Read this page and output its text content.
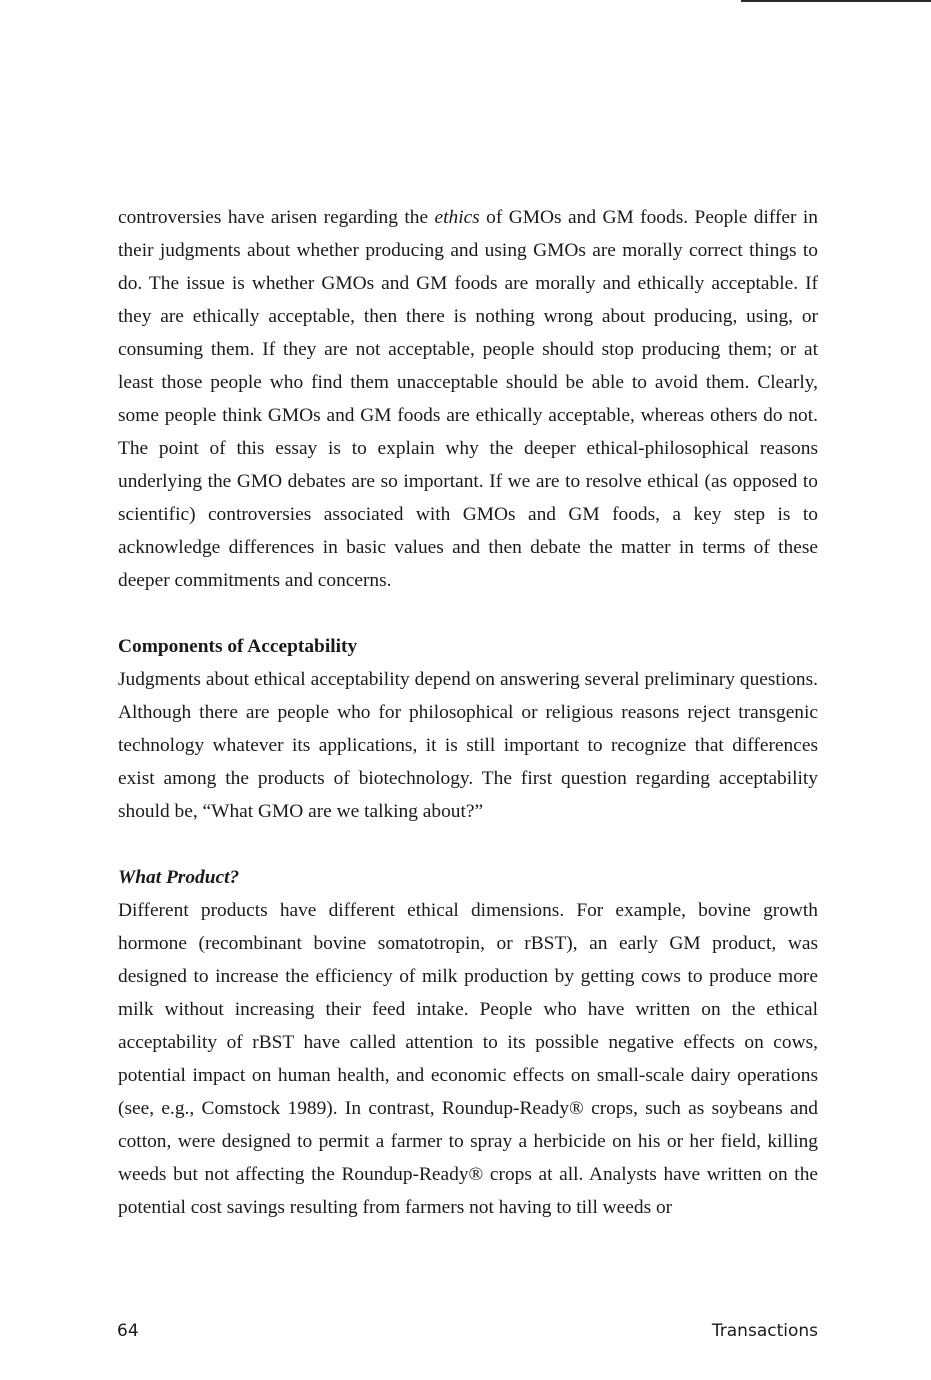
controversies have arisen regarding the ethics of GMOs and GM foods. People differ in their judgments about whether producing and using GMOs are morally correct things to do. The issue is whether GMOs and GM foods are morally and ethically acceptable. If they are ethically acceptable, then there is nothing wrong about producing, using, or consuming them. If they are not acceptable, people should stop producing them; or at least those people who find them unacceptable should be able to avoid them. Clearly, some people think GMOs and GM foods are ethically acceptable, whereas others do not. The point of this essay is to explain why the deeper ethical-philosophical reasons underlying the GMO debates are so important. If we are to resolve ethical (as opposed to scientific) controversies associated with GMOs and GM foods, a key step is to acknowledge differences in basic values and then debate the matter in terms of these deeper commitments and concerns.

Components of Acceptability

Judgments about ethical acceptability depend on answering several preliminary questions. Although there are people who for philosophical or religious reasons reject transgenic technology whatever its applications, it is still important to recognize that differences exist among the products of biotechnology. The first question regarding acceptability should be, “What GMO are we talking about?”

What Product?

Different products have different ethical dimensions. For example, bovine growth hormone (recombinant bovine somatotropin, or rBST), an early GM product, was designed to increase the efficiency of milk production by getting cows to produce more milk without increasing their feed intake. People who have written on the ethical acceptability of rBST have called attention to its possible negative effects on cows, potential impact on human health, and economic effects on small-scale dairy operations (see, e.g., Comstock 1989). In contrast, Roundup-Ready® crops, such as soybeans and cotton, were designed to permit a farmer to spray a herbicide on his or her field, killing weeds but not affecting the Roundup-Ready® crops at all. Analysts have written on the potential cost savings resulting from farmers not having to till weeds or

64	Transactions
